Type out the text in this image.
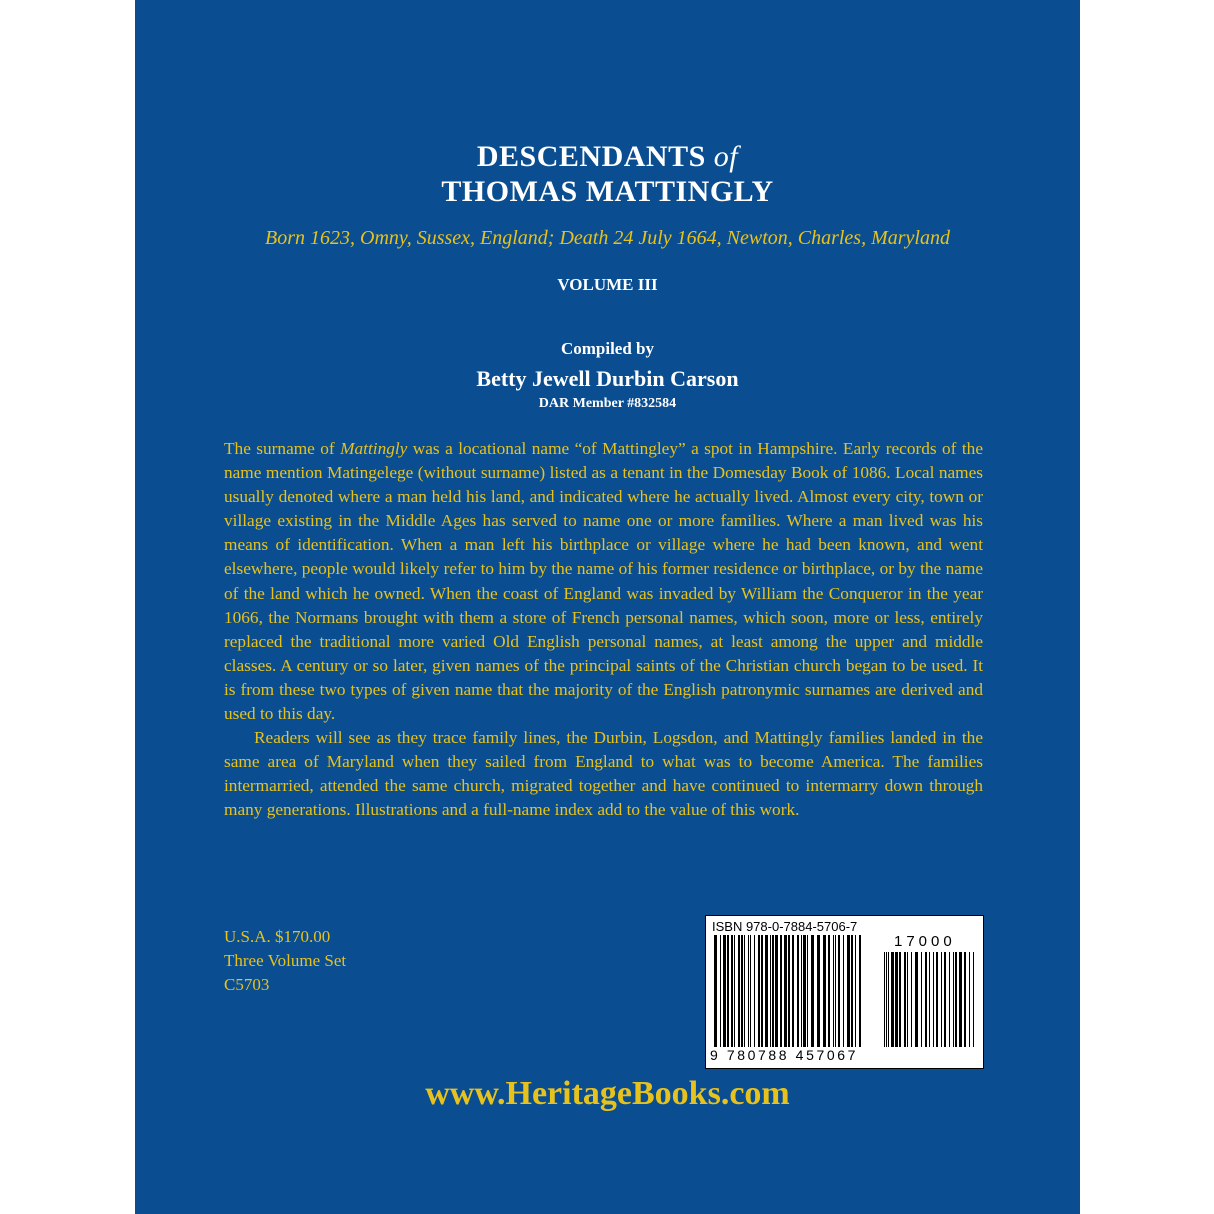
DESCENDANTS of
THOMAS MATTINGLY
Born 1623, Omny, Sussex, England; Death 24 July 1664, Newton, Charles, Maryland
VOLUME III
Compiled by
Betty Jewell Durbin Carson
DAR Member #832584

The surname of Mattingly was a locational name “of Mattingley” a spot in Hampshire. Early records of the name mention Matingelege (without surname) listed as a tenant in the Domesday Book of 1086. Local names usually denoted where a man held his land, and indicated where he actually lived. Almost every city, town or village existing in the Middle Ages has served to name one or more families. Where a man lived was his means of identification. When a man left his birthplace or village where he had been known, and went elsewhere, people would likely refer to him by the name of his former residence or birthplace, or by the name of the land which he owned. When the coast of England was invaded by William the Conqueror in the year 1066, the Normans brought with them a store of French personal names, which soon, more or less, entirely replaced the traditional more varied Old English personal names, at least among the upper and middle classes. A century or so later, given names of the principal saints of the Christian church began to be used. It is from these two types of given name that the majority of the English patronymic surnames are derived and used to this day.

Readers will see as they trace family lines, the Durbin, Logsdon, and Mattingly families landed in the same area of Maryland when they sailed from England to what was to become America. The families intermarried, attended the same church, migrated together and have continued to intermarry down through many generations. Illustrations and a full-name index add to the value of this work.

U.S.A. $170.00
Three Volume Set
C5703
ISBN 978-0-7884-5706-7
17000
9 780788 457067
www.HeritageBooks.com
